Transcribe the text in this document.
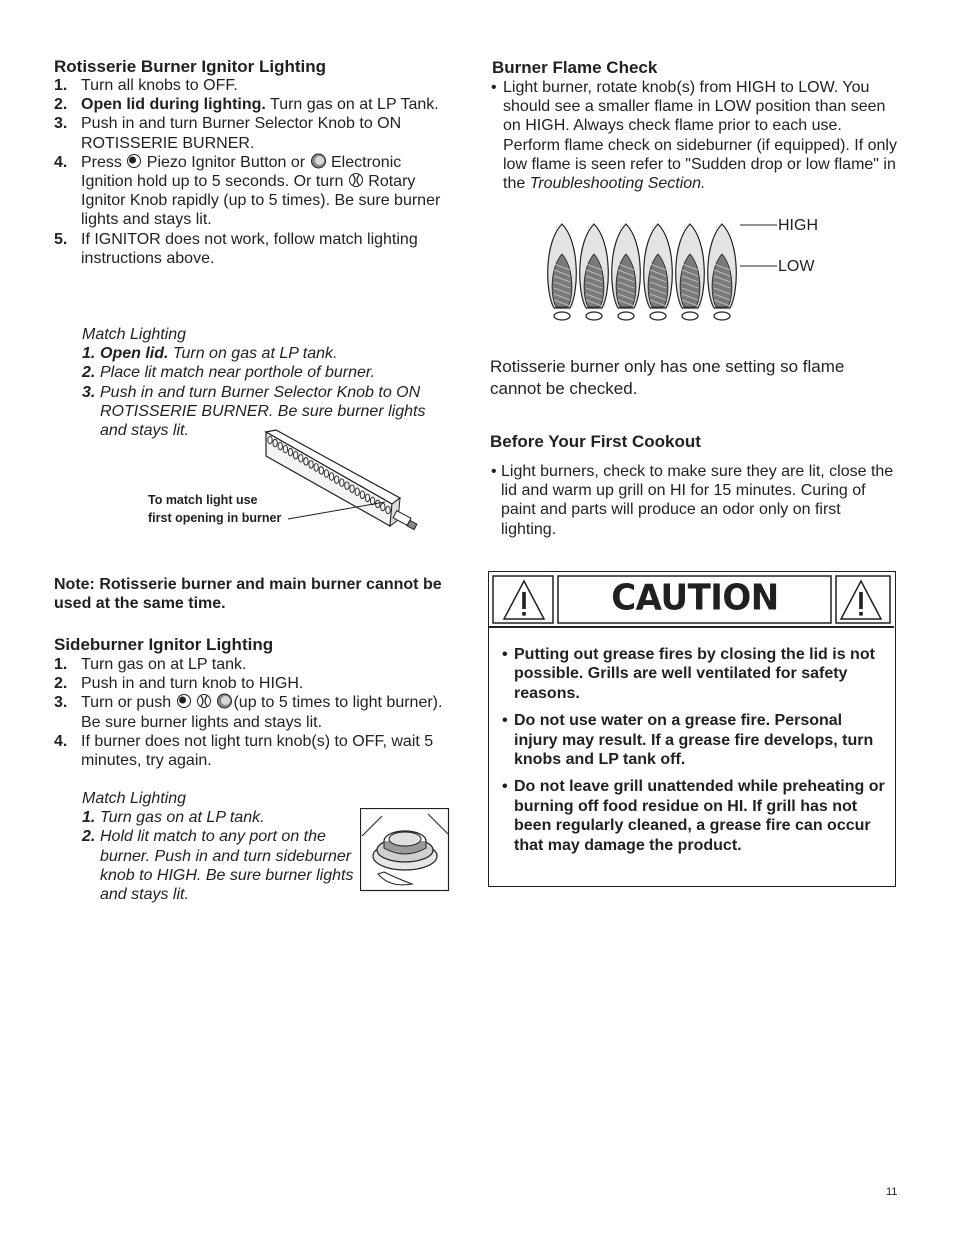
Rotisserie Burner Ignitor Lighting
1. Turn all knobs to OFF.
2. Open lid during lighting. Turn gas on at LP Tank.
3. Push in and turn Burner Selector Knob to ON ROTISSERIE BURNER.
4. Press  Piezo Ignitor Button or  Electronic Ignition hold up to 5 seconds. Or turn  Rotary Ignitor Knob rapidly (up to 5 times). Be sure burner lights and stays lit.
5. If IGNITOR does not work, follow match lighting instructions above.
Match Lighting
1. Open lid. Turn on gas at LP tank.
2. Place lit match near porthole of burner.
3. Push in and turn Burner Selector Knob to ON ROTISSERIE BURNER. Be sure burner lights and stays lit.
To match light use
first opening in burner
Note: Rotisserie burner and main burner cannot be used at the same time.
Sideburner Ignitor Lighting
1. Turn gas on at LP tank.
2. Push in and turn knob to HIGH.
3. Turn or push	(up to 5 times to light burner). Be sure burner lights and stays lit.
4. If burner does not light turn knob(s) to OFF, wait 5 minutes, try again.
Match Lighting
1. Turn gas on at LP tank.
2. Hold lit match to any port on the burner. Push in and turn sideburner knob to HIGH. Be sure burner lights and stays lit.
Burner Flame Check
• Light burner, rotate knob(s) from HIGH to LOW. You should see a smaller flame in LOW position than seen on HIGH. Always check flame prior to each use. Perform flame check on sideburner (if equipped). If only low flame is seen refer to "Sudden drop or low flame" in the Troubleshooting Section.
HIGH
LOW
Rotisserie burner only has one setting so flame cannot be checked.
Before Your First Cookout
• Light burners, check to make sure they are lit, close the lid and warm up grill on HI for 15 minutes. Curing of paint and parts will produce an odor only on first lighting.
CAUTION
• Putting out grease fires by closing the lid is not possible. Grills are well ventilated for safety reasons.
• Do not use water on a grease fire. Personal injury may result. If a grease fire develops, turn knobs and LP tank off.
• Do not leave grill unattended while preheating or burning off food residue on HI. If grill has not been regularly cleaned, a grease fire can occur that may damage the product.
11
